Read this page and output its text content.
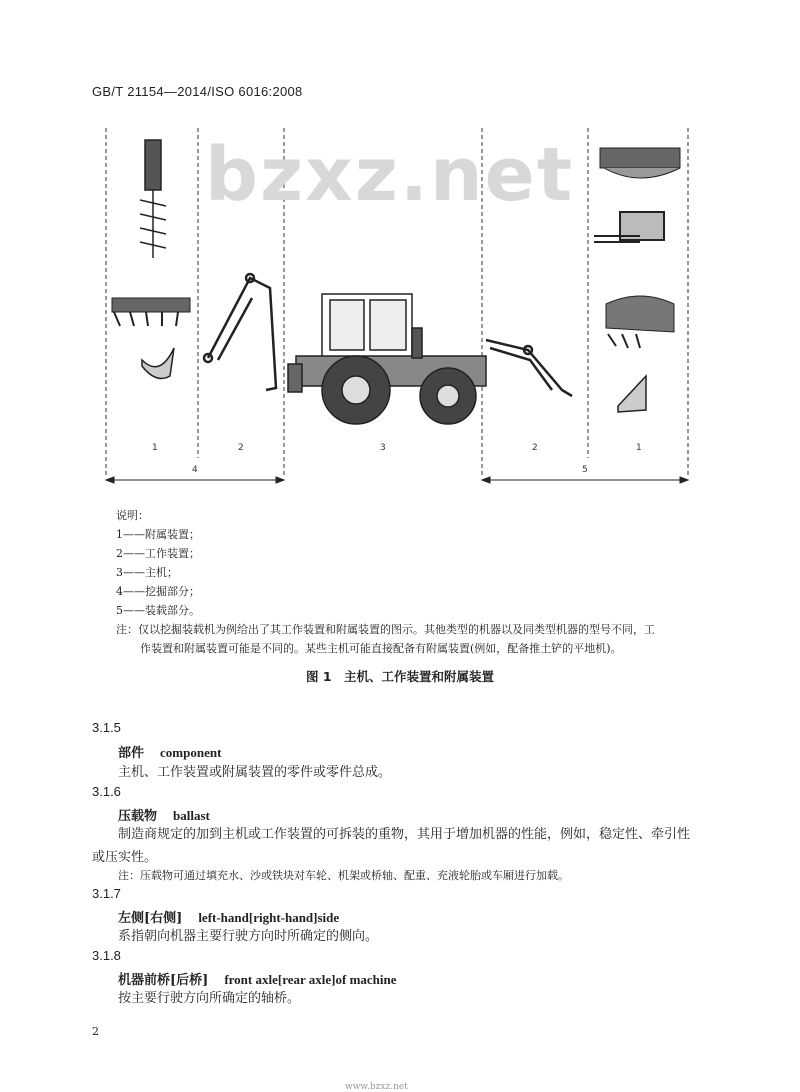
GB/T 21154—2014/ISO 6016:2008
1	2	3	2	1
4	5
bzxz.net
说明：
1——附属装置；
2——工作装置；
3——主机；
4——挖掘部分；
5——装载部分。
注：仅以挖掘装载机为例给出了其工作装置和附属装置的图示。其他类型的机器以及同类型机器的型号不同，工
作装置和附属装置可能是不同的。某些主机可能直接配备有附属装置(例如，配备推土铲的平地机)。
图 1　主机、工作装置和附属装置
3.1.5
部件 component
主机、工作装置或附属装置的零件或零件总成。
3.1.6
压载物 ballast
制造商规定的加到主机或工作装置的可拆装的重物，其用于增加机器的性能，例如，稳定性、牵引性
或压实性。
注：压载物可通过填充水、沙或铁块对车轮、机架或桥轴、配重、充液轮胎或车厢进行加载。
3.1.7
左侧[右侧] left-hand[right-hand]side
系指朝向机器主要行驶方向时所确定的侧向。
3.1.8
机器前桥[后桥] front axle[rear axle]of machine
按主要行驶方向所确定的轴桥。
2
www.bzxz.net
